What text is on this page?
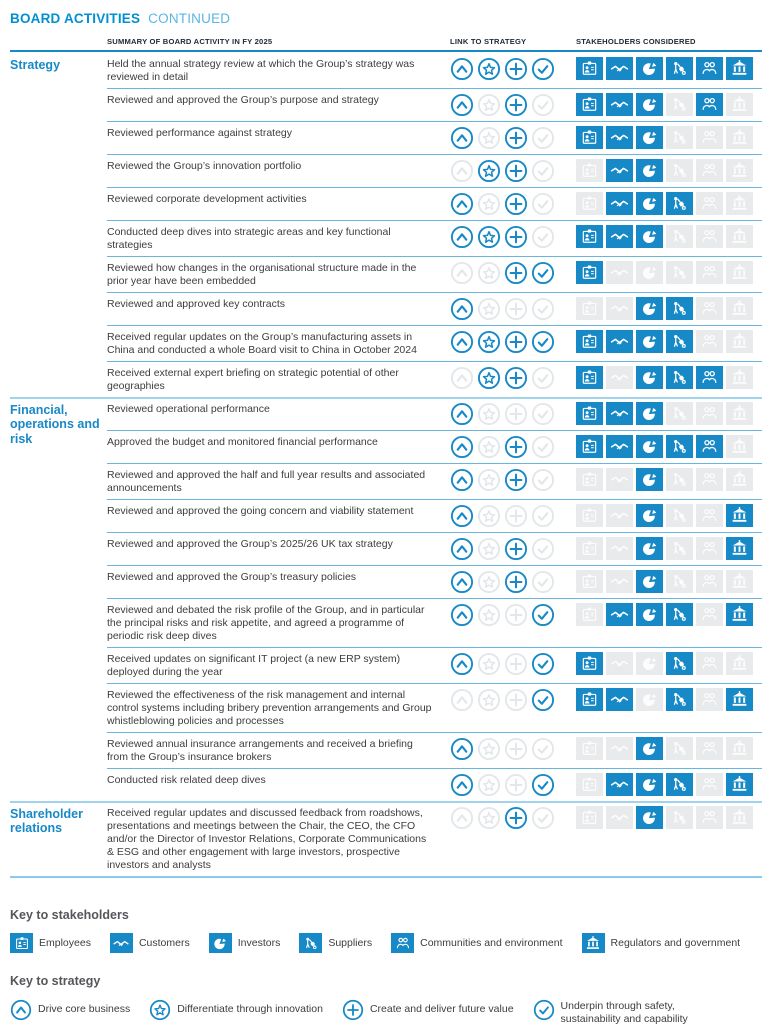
BOARD ACTIVITIES CONTINUED
SUMMARY OF BOARD ACTIVITY IN FY 2025	LINK TO STRATEGY	STAKEHOLDERS CONSIDERED
Strategy	Held the annual strategy review at which the Group’s strategy was reviewed in detail
Reviewed and approved the Group’s purpose and strategy
Reviewed performance against strategy
Reviewed the Group’s innovation portfolio
Reviewed corporate development activities
Conducted deep dives into strategic areas and key functional strategies
Reviewed how changes in the organisational structure made in the prior year have been embedded
Reviewed and approved key contracts
Received regular updates on the Group’s manufacturing assets in China and conducted a whole Board visit to China in October 2024
Received external expert briefing on strategic potential of other geographies
Financial, operations and risk
Reviewed operational performance
Approved the budget and monitored financial performance
Reviewed and approved the half and full year results and associated announcements
Reviewed and approved the going concern and viability statement
Reviewed and approved the Group’s 2025/26 UK tax strategy
Reviewed and approved the Group’s treasury policies
Reviewed and debated the risk profile of the Group, and in particular the principal risks and risk appetite, and agreed a programme of periodic risk deep dives
Received updates on significant IT project (a new ERP system) deployed during the year
Reviewed the effectiveness of the risk management and internal control systems including bribery prevention arrangements and Group whistleblowing policies and processes
Reviewed annual insurance arrangements and received a briefing from the Group’s insurance brokers
Conducted risk related deep dives
Shareholder relations
Received regular updates and discussed feedback from roadshows, presentations and meetings between the Chair, the CEO, the CFO and/or the Director of Investor Relations, Corporate Communications & ESG and other engagement with large investors, prospective investors and analysts
Key to stakeholders
Employees	Customers	Investors	Suppliers	Communities and environment	Regulators and government
Key to strategy
Drive core business	Differentiate through innovation	Create and deliver future value	Underpin through safety, sustainability and capability
